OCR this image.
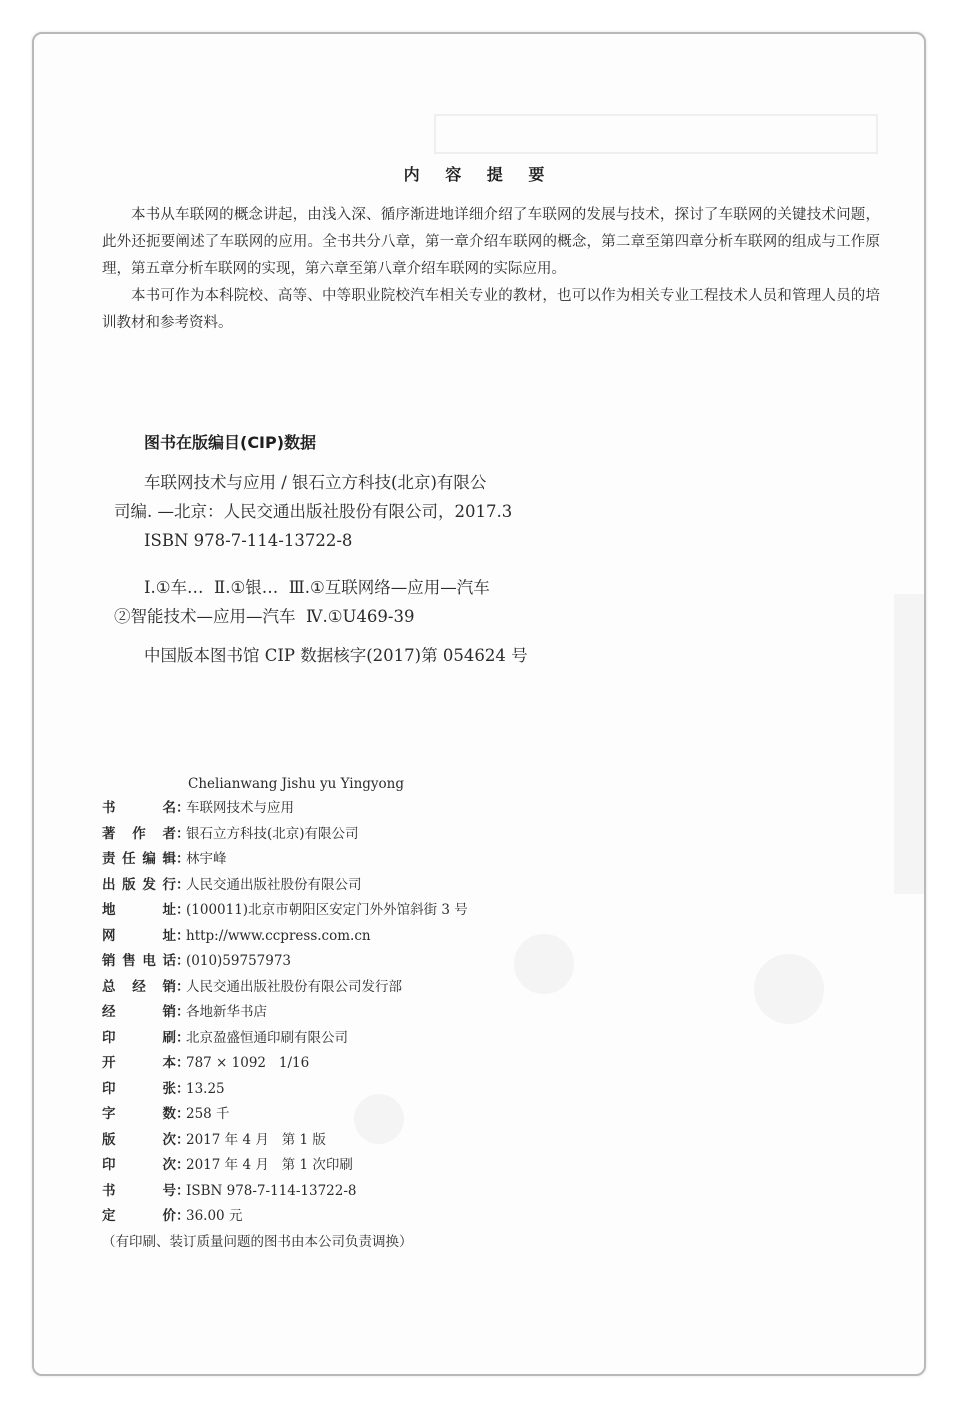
内 容 提 要

本书从车联网的概念讲起，由浅入深、循序渐进地详细介绍了车联网的发展与技术，探讨了车联网的关键技术问题，此外还扼要阐述了车联网的应用。全书共分八章，第一章介绍车联网的概念，第二章至第四章分析车联网的组成与工作原理，第五章分析车联网的实现，第六章至第八章介绍车联网的实际应用。

本书可作为本科院校、高等、中等职业院校汽车相关专业的教材，也可以作为相关专业工程技术人员和管理人员的培训教材和参考资料。

图书在版编目(CIP)数据
车联网技术与应用 / 银石立方科技(北京)有限公
司编. —北京：人民交通出版社股份有限公司，2017.3
ISBN 978-7-114-13722-8
Ⅰ.①车…  Ⅱ.①银…  Ⅲ.①互联网络—应用—汽车
②智能技术—应用—汽车  Ⅳ.①U469-39
中国版本图书馆 CIP 数据核字(2017)第 054624 号
Chelianwang Jishu yu Yingyong
书名 ：
车联网技术与应用
著作者 ：
银石立方科技(北京)有限公司
责任编辑 ：
林宇峰
出版发行 ：
人民交通出版社股份有限公司
地址 ：
(100011)北京市朝阳区安定门外外馆斜街 3 号
网址 ：
http://www.ccpress.com.cn
销售电话 ：
(010)59757973
总经销 ：
人民交通出版社股份有限公司发行部
经销 ：
各地新华书店
印刷 ：
北京盈盛恒通印刷有限公司
开本 ：
787 × 1092   1/16
印张 ：
13.25
字数 ：
258 千
版次 ：
2017 年 4 月   第 1 版
印次 ：
2017 年 4 月   第 1 次印刷
书号 ：
ISBN 978-7-114-13722-8
定价 ：
36.00 元
（有印刷、装订质量问题的图书由本公司负责调换）
